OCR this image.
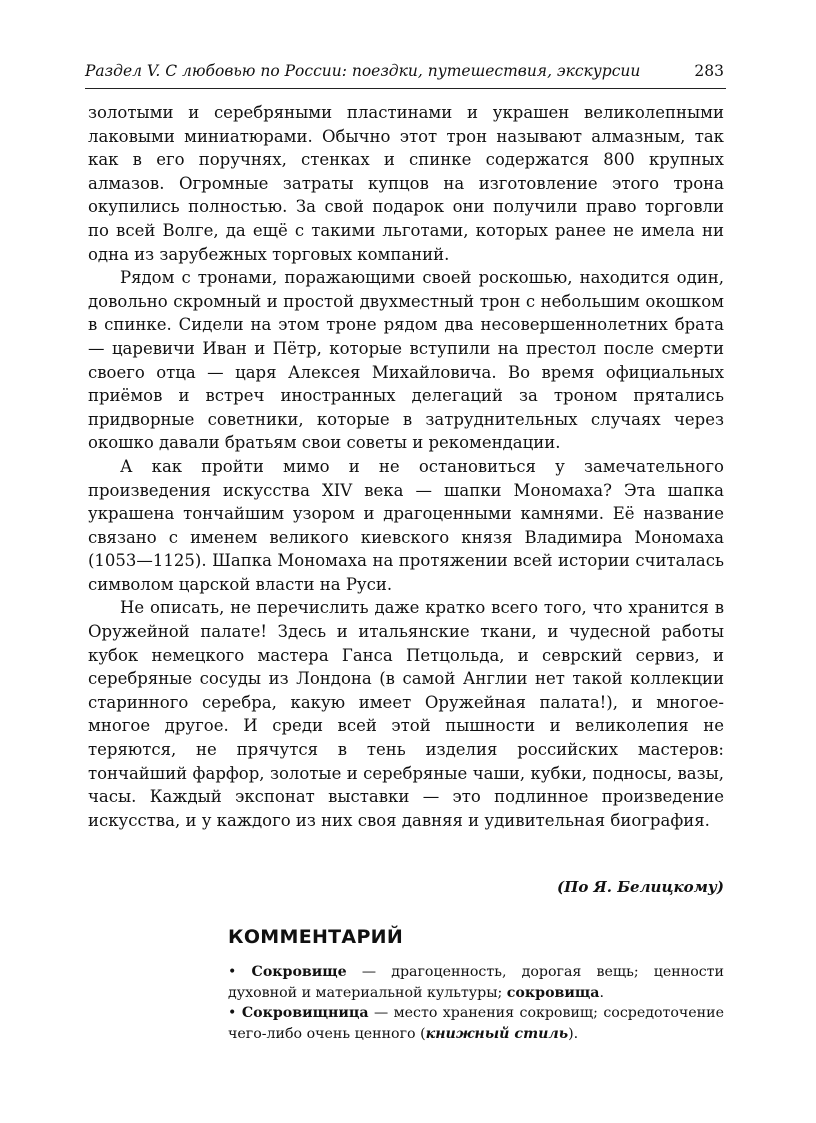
Раздел V. С любовью по России: поездки, путешествия, экскурсии	283

золотыми и серебряными пластинами и украшен великолепными лаковыми миниатюрами. Обычно этот трон называют алмазным, так как в его поручнях, стенках и спинке содержатся 800 крупных алмазов. Огромные затраты купцов на изготовление этого трона окупились полностью. За свой подарок они получили право торговли по всей Волге, да ещё с такими льготами, которых ранее не имела ни одна из зарубежных торговых компаний.

Рядом с тронами, поражающими своей роскошью, находится один, довольно скромный и простой двухместный трон с небольшим окошком в спинке. Сидели на этом троне рядом два несовершеннолетних брата — царевичи Иван и Пётр, которые вступили на престол после смерти своего отца — царя Алексея Михайловича. Во время официальных приёмов и встреч иностранных делегаций за троном прятались придворные советники, которые в затруднительных случаях через окошко давали братьям свои советы и рекомендации.

А как пройти мимо и не остановиться у замечательного произведения искусства XIV века — шапки Мономаха? Эта шапка украшена тончайшим узором и драгоценными камнями. Её название связано с именем великого киевского князя Владимира Мономаха (1053—1125). Шапка Мономаха на протяжении всей истории считалась символом царской власти на Руси.

Не описать, не перечислить даже кратко всего того, что хранится в Оружейной палате! Здесь и итальянские ткани, и чудесной работы кубок немецкого мастера Ганса Петцольда, и севрский сервиз, и серебряные сосуды из Лондона (в самой Англии нет такой коллекции старинного серебра, какую имеет Оружейная палата!), и многое-многое другое. И среди всей этой пышности и великолепия не теряются, не прячутся в тень изделия российских мастеров: тончайший фарфор, золотые и серебряные чаши, кубки, подносы, вазы, часы. Каждый экспонат выставки — это подлинное произведение искусства, и у каждого из них своя давняя и удивительная биография.

(По Я. Белицкому)
КОММЕНТАРИЙ

• Сокровище — драгоценность, дорогая вещь; ценности духовной и материальной культуры; сокровища.

• Сокровищница — место хранения сокровищ; сосредоточение чего-либо очень ценного (книжный стиль).
